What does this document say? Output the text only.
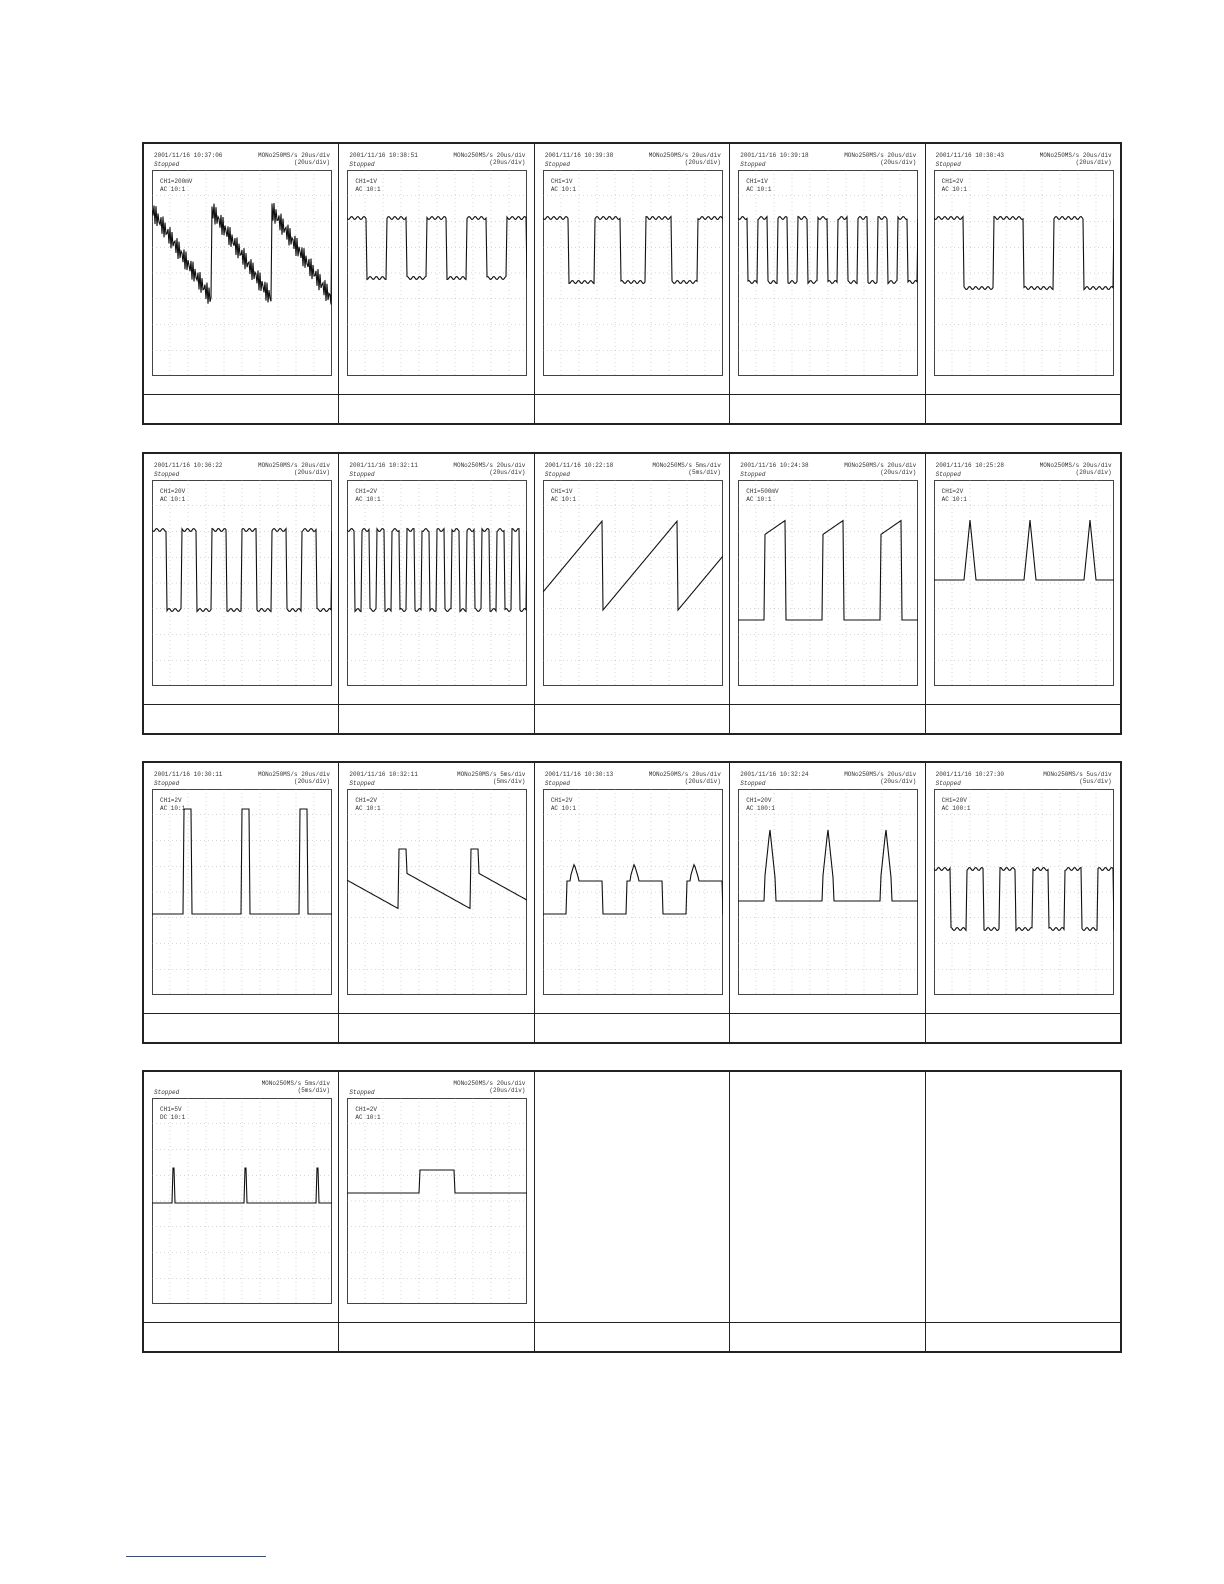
2001/11/16 10:37:06	MONo250MS/s 20us/div
(20us/div)
Stopped
CH1=200mV
AC 10:1
2001/11/16 10:38:51	MONo250MS/s 20us/div
(20us/div)
Stopped
CH1=1V
AC 10:1
2001/11/16 10:39:38	MONo250MS/s 20us/div
(20us/div)
Stopped
CH1=1V
AC 10:1
2001/11/16 10:39:18	MONo250MS/s 20us/div
(20us/div)
Stopped
CH1=1V
AC 10:1
2001/11/16 10:38:43	MONo250MS/s 20us/div
(20us/div)
Stopped
CH1=2V
AC 10:1
2001/11/16 10:36:22	MONo250MS/s 20us/div
(20us/div)
Stopped
CH1=20V
AC 10:1
2001/11/16 10:32:11	MONo250MS/s 20us/div
(20us/div)
Stopped
CH1=2V
AC 10:1
2001/11/16 10:22:18	MONo250MS/s 5ms/div
(5ms/div)
Stopped
CH1=1V
AC 10:1
2001/11/16 10:24:38	MONo250MS/s 20us/div
(20us/div)
Stopped
CH1=500mV
AC 10:1
2001/11/16 10:25:28	MONo250MS/s 20us/div
(20us/div)
Stopped
CH1=2V
AC 10:1
2001/11/16 10:30:11	MONo250MS/s 20us/div
(20us/div)
Stopped
CH1=2V
AC 10:1
2001/11/16 10:32:11	MONo250MS/s 5ms/div
(5ms/div)
Stopped
CH1=2V
AC 10:1
2001/11/16 10:30:13	MONo250MS/s 20us/div
(20us/div)
Stopped
CH1=2V
AC 10:1
2001/11/16 10:32:24	MONo250MS/s 20us/div
(20us/div)
Stopped
CH1=20V
AC 100:1
2001/11/16 10:27:30	MONo250MS/s 5us/div
(5us/div)
Stopped
CH1=20V
AC 100:1
MONo250MS/s 5ms/div
(5ms/div)
Stopped
CH1=5V
DC 10:1
MONo250MS/s 20us/div
(20us/div)
Stopped
CH1=2V
AC 10:1
